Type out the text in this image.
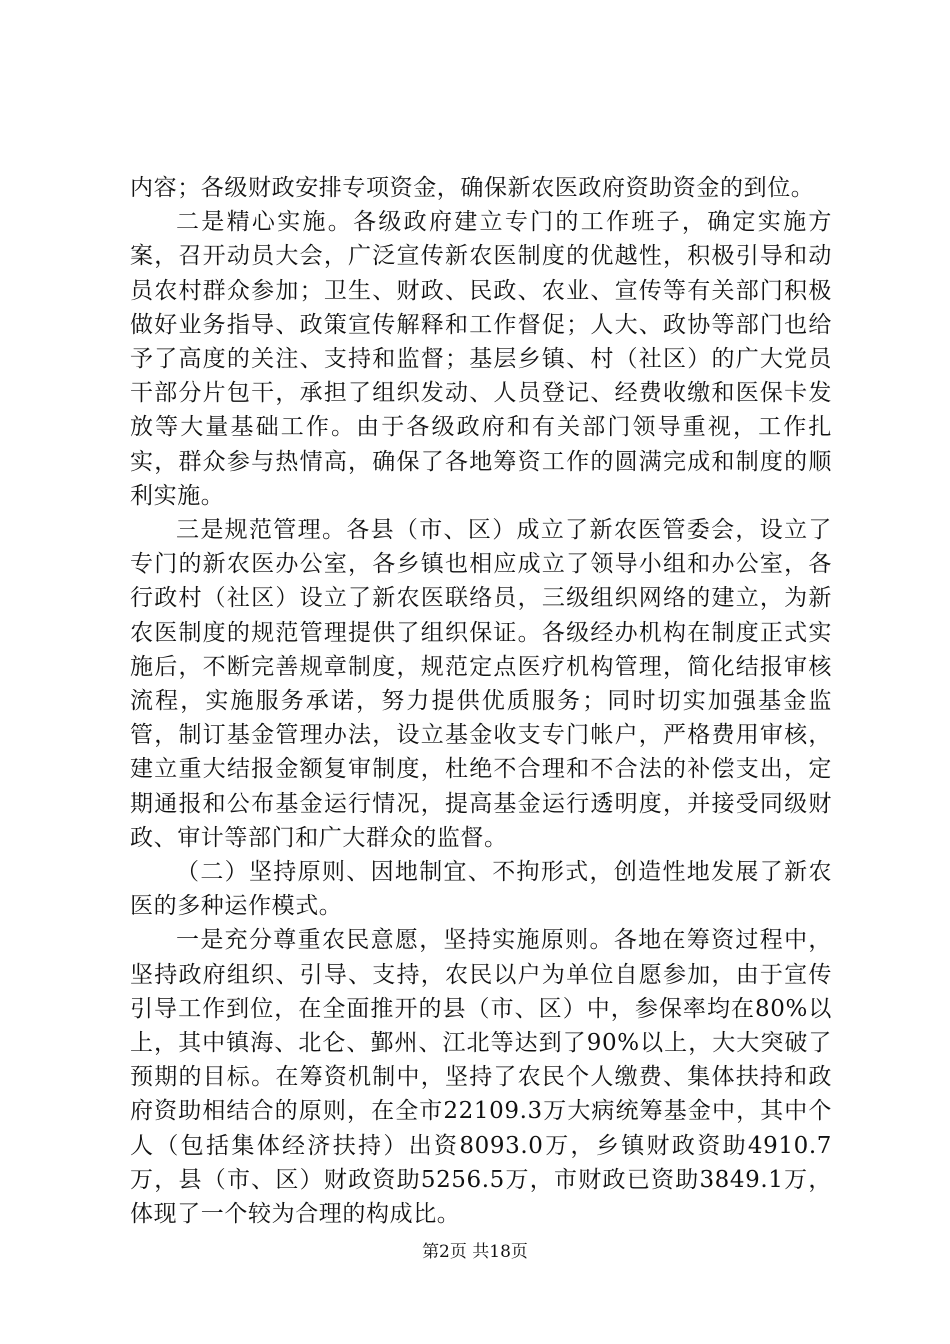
内容；各级财政安排专项资金，确保新农医政府资助资金的到位。

二是精心实施。各级政府建立专门的工作班子，确定实施方案，召开动员大会，广泛宣传新农医制度的优越性，积极引导和动员农村群众参加；卫生、财政、民政、农业、宣传等有关部门积极做好业务指导、政策宣传解释和工作督促；人大、政协等部门也给予了高度的关注、支持和监督；基层乡镇、村（社区）的广大党员干部分片包干，承担了组织发动、人员登记、经费收缴和医保卡发放等大量基础工作。由于各级政府和有关部门领导重视，工作扎实，群众参与热情高，确保了各地筹资工作的圆满完成和制度的顺利实施。

三是规范管理。各县（市、区）成立了新农医管委会，设立了专门的新农医办公室，各乡镇也相应成立了领导小组和办公室，各行政村（社区）设立了新农医联络员，三级组织网络的建立，为新农医制度的规范管理提供了组织保证。各级经办机构在制度正式实施后，不断完善规章制度，规范定点医疗机构管理，简化结报审核流程，实施服务承诺，努力提供优质服务；同时切实加强基金监管，制订基金管理办法，设立基金收支专门帐户，严格费用审核，建立重大结报金额复审制度，杜绝不合理和不合法的补偿支出，定期通报和公布基金运行情况，提高基金运行透明度，并接受同级财政、审计等部门和广大群众的监督。

（二）坚持原则、因地制宜、不拘形式，创造性地发展了新农医的多种运作模式。

一是充分尊重农民意愿，坚持实施原则。各地在筹资过程中，坚持政府组织、引导、支持，农民以户为单位自愿参加，由于宣传引导工作到位，在全面推开的县（市、区）中，参保率均在80%以上，其中镇海、北仑、鄞州、江北等达到了90%以上，大大突破了预期的目标。在筹资机制中，坚持了农民个人缴费、集体扶持和政府资助相结合的原则，在全市22109.3万大病统筹基金中，其中个人（包括集体经济扶持）出资8093.0万，乡镇财政资助4910.7万，县（市、区）财政资助5256.5万，市财政已资助3849.1万，体现了一个较为合理的构成比。

第2页 共18页
